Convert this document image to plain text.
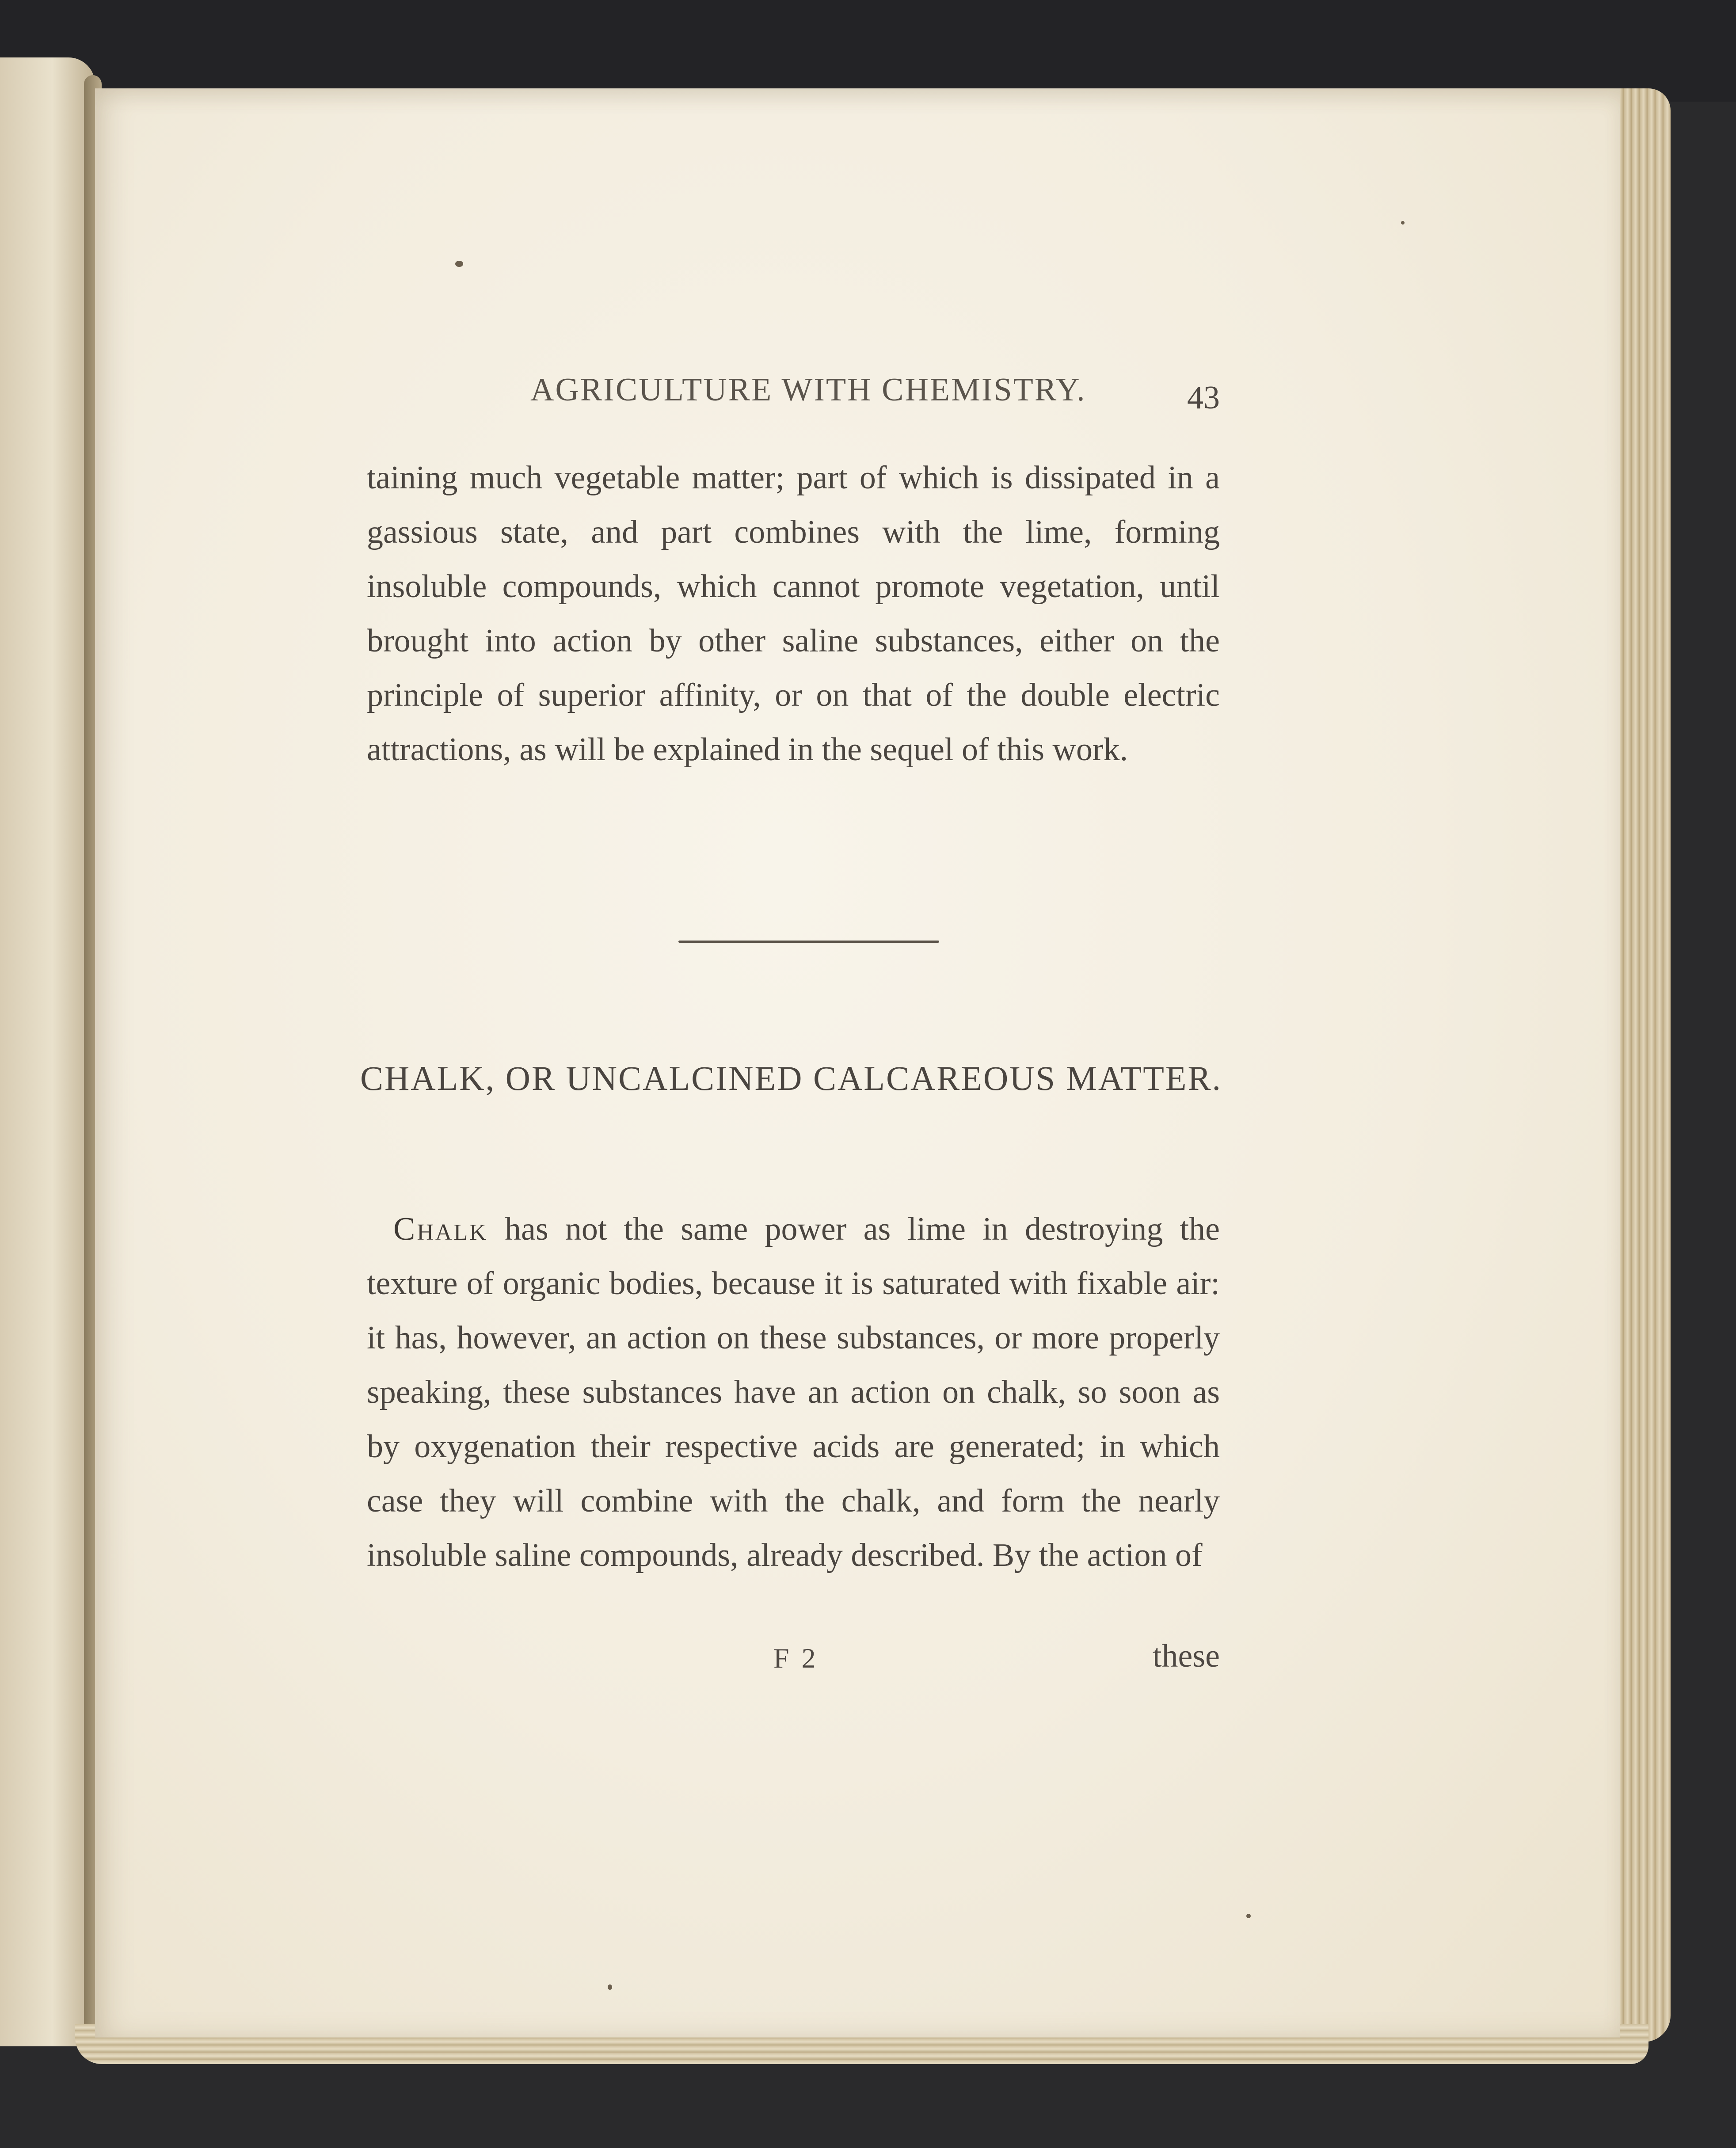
AGRICULTURE WITH CHEMISTRY.	43

taining much vegetable matter; part of which is dissipated in a gassious state, and part combines with the lime, forming insoluble compounds, which cannot promote vegetation, until brought into action by other saline substances, either on the principle of superior affinity, or on that of the double electric attractions, as will be explained in the sequel of this work.

CHALK, OR UNCALCINED CALCAREOUS MATTER.

Chalk has not the same power as lime in destroying the texture of organic bodies, because it is saturated with fixable air: it has, however, an action on these substances, or more properly speaking, these substances have an action on chalk, so soon as by oxygenation their respective acids are generated; in which case they will combine with the chalk, and form the nearly insoluble saline compounds, already described. By the action of

F 2	these
